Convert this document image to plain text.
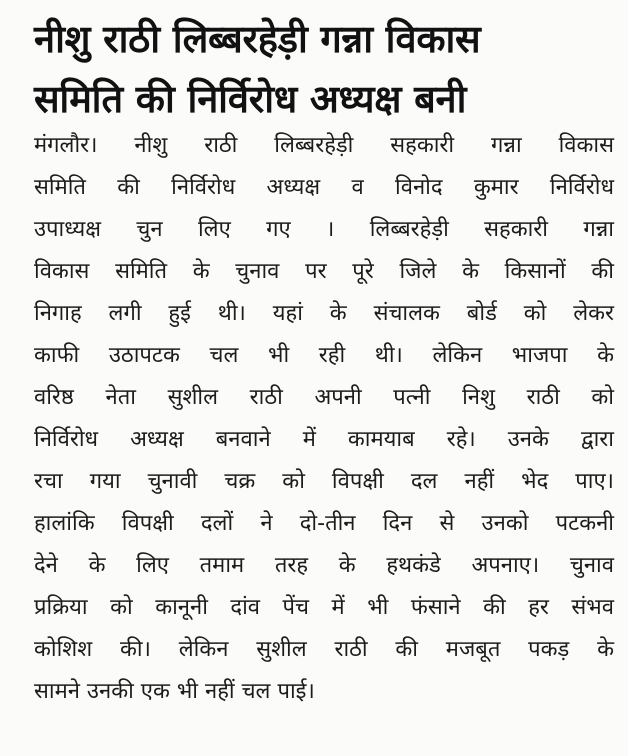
नीशु राठी लिब्बरहेड़ी गन्ना विकास
समिति की निर्विरोध अध्यक्ष बनी
मंगलौर। नीशु राठी लिब्बरहेड़ी सहकारी गन्ना विकास
समिति की निर्विरोध अध्यक्ष व विनोद कुमार निर्विरोध
उपाध्यक्ष चुन लिए गए । लिब्बरहेड़ी सहकारी गन्ना
विकास समिति के चुनाव पर पूरे जिले के किसानों की
निगाह लगी हुई थी। यहां के संचालक बोर्ड को लेकर
काफी उठापटक चल भी रही थी। लेकिन भाजपा के
वरिष्ठ नेता सुशील राठी अपनी पत्नी निशु राठी को
निर्विरोध अध्यक्ष बनवाने में कामयाब रहे। उनके द्वारा
रचा गया चुनावी चक्र को विपक्षी दल नहीं भेद पाए।
हालांकि विपक्षी दलों ने दो-तीन दिन से उनको पटकनी
देने के लिए तमाम तरह के हथकंडे अपनाए। चुनाव
प्रक्रिया को कानूनी दांव पेंच में भी फंसाने की हर संभव
कोशिश की। लेकिन सुशील राठी की मजबूत पकड़ के
सामने उनकी एक भी नहीं चल पाई।
